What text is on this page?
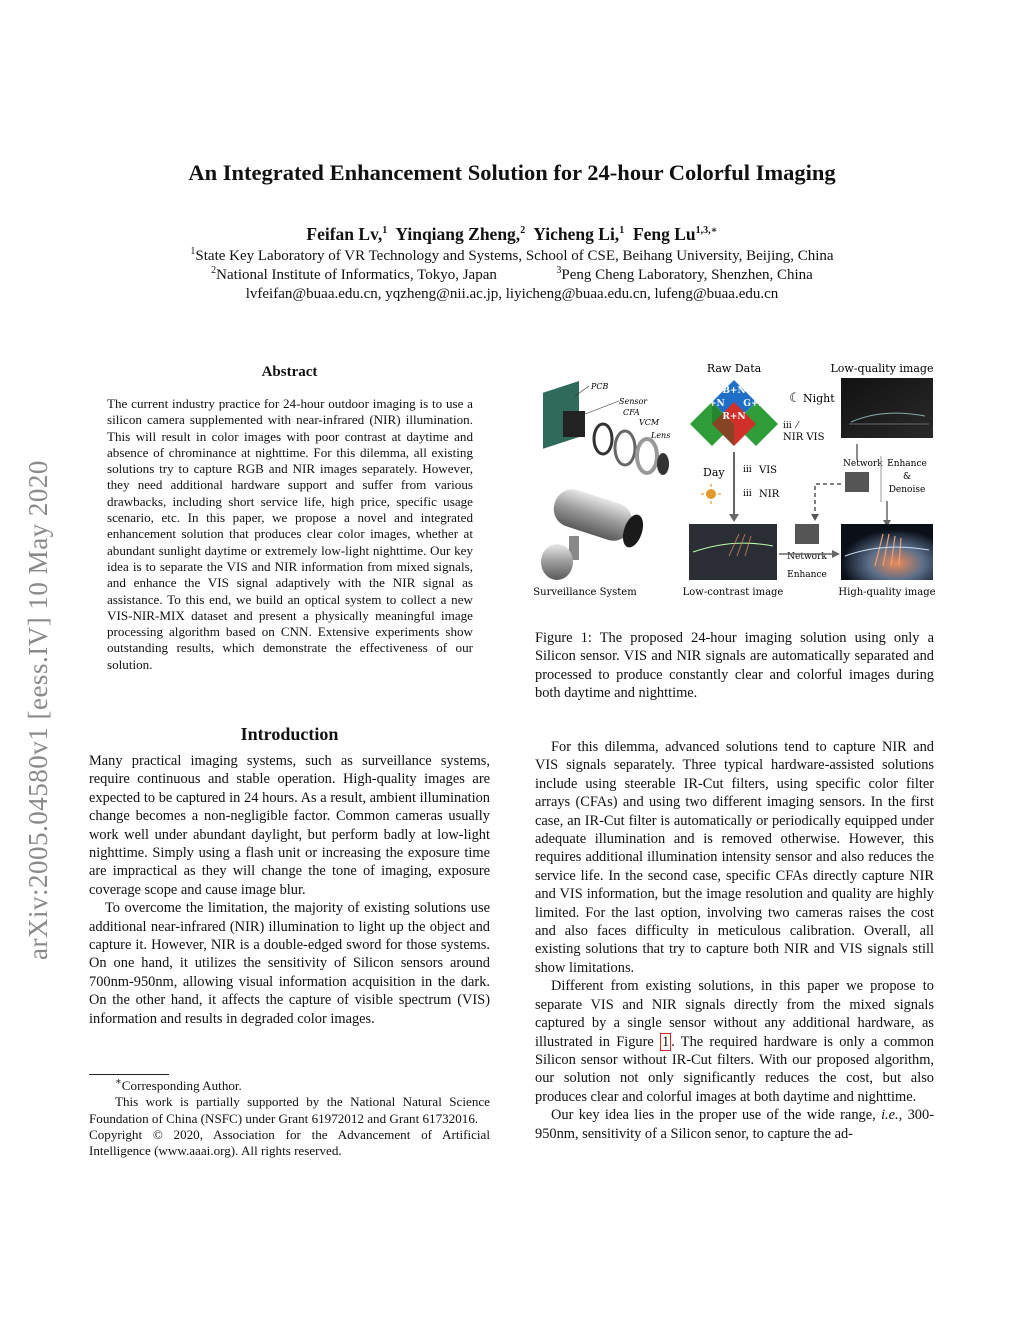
arXiv:2005.04580v1 [eess.IV] 10 May 2020
An Integrated Enhancement Solution for 24-hour Colorful Imaging
Feifan Lv,$^1$ Yinqiang Zheng,$^2$ Yicheng Li,$^1$ Feng $Lu^{1,3,∗}$
$^1$State Key Laboratory of VR Technology and Systems, School of CSE, Beihang University, Beijing, China
$^2$National Institute of Informatics, Tokyo, Japan	$^3$Peng Cheng Laboratory, Shenzhen, China
lvfeifan@buaa.edu.cn, yqzheng@nii.ac.jp, liyicheng@buaa.edu.cn, lufeng@buaa.edu.cn
Abstract
The current industry practice for 24-hour outdoor imaging is to use a silicon camera supplemented with near-infrared (NIR) illumination. This will result in color images with poor contrast at daytime and absence of chrominance at nighttime. For this dilemma, all existing solutions try to capture RGB and NIR images separately. However, they need additional hardware support and suffer from various drawbacks, including short service life, high price, specific usage scenario, etc. In this paper, we propose a novel and integrated enhancement solution that produces clear color images, whether at abundant sunlight daytime or extremely low-light nighttime. Our key idea is to separate the VIS and NIR information from mixed signals, and enhance the VIS signal adaptively with the NIR signal as assistance. To this end, we build an optical system to collect a new VIS-NIR-MIX dataset and present a physically meaningful image processing algorithm based on CNN. Extensive experiments show outstanding results, which demonstrate the effectiveness of our solution.
Introduction

Many practical imaging systems, such as surveillance systems, require continuous and stable operation. High-quality images are expected to be captured in 24 hours. As a result, ambient illumination change becomes a non-negligible factor. Common cameras usually work well under abundant daylight, but perform badly at low-light nighttime. Simply using a flash unit or increasing the exposure time are impractical as they will change the tone of imaging, exposure coverage scope and cause image blur.

To overcome the limitation, the majority of existing solutions use additional near-infrared (NIR) illumination to light up the object and capture it. However, NIR is a double-edged sword for those systems. On one hand, it utilizes the sensitivity of Silicon sensors around 700nm-950nm, allowing visual information acquisition in the dark. On the other hand, it affects the capture of visible spectrum (VIS) information and results in degraded color images.

∗Corresponding Author.

This work is partially supported by the National Natural Science Foundation of China (NSFC) under Grant 61972012 and Grant 61732016.

Copyright © 2020, Association for the Advancement of Artificial Intelligence (www.aaai.org). All rights reserved.

Raw Data	Low-quality image
PCB
Sensor
CFA
VCM
Lens
Surveillance System
B+N
G+N G+N
R+N
☾ Night
ⅲ ⁄
NIR VIS
Day ⅲ VIS
ⅲ NIR
Network Enhance
&
Denoise
Network
Enhance
Low-contrast image	High-quality image
Figure 1: The proposed 24-hour imaging solution using only a Silicon sensor. VIS and NIR signals are automatically separated and processed to produce constantly clear and colorful images during both daytime and nighttime.

For this dilemma, advanced solutions tend to capture NIR and VIS signals separately. Three typical hardware-assisted solutions include using steerable IR-Cut filters, using specific color filter arrays (CFAs) and using two different imaging sensors. In the first case, an IR-Cut filter is automatically or periodically equipped under adequate illumination and is removed otherwise. However, this requires additional illumination intensity sensor and also reduces the service life. In the second case, specific CFAs directly capture NIR and VIS information, but the image resolution and quality are highly limited. For the last option, involving two cameras raises the cost and also faces difficulty in meticulous calibration. Overall, all existing solutions that try to capture both NIR and VIS signals still show limitations.

Different from existing solutions, in this paper we propose to separate VIS and NIR signals directly from the mixed signals captured by a single sensor without any additional hardware, as illustrated in Figure 1 . The required hardware is only a common Silicon sensor without IR-Cut filters. With our proposed algorithm, our solution not only significantly reduces the cost, but also produces clear and colorful images at both daytime and nighttime.

Our key idea lies in the proper use of the wide range, i.e., 300-950nm, sensitivity of a Silicon senor, to capture the ad-
